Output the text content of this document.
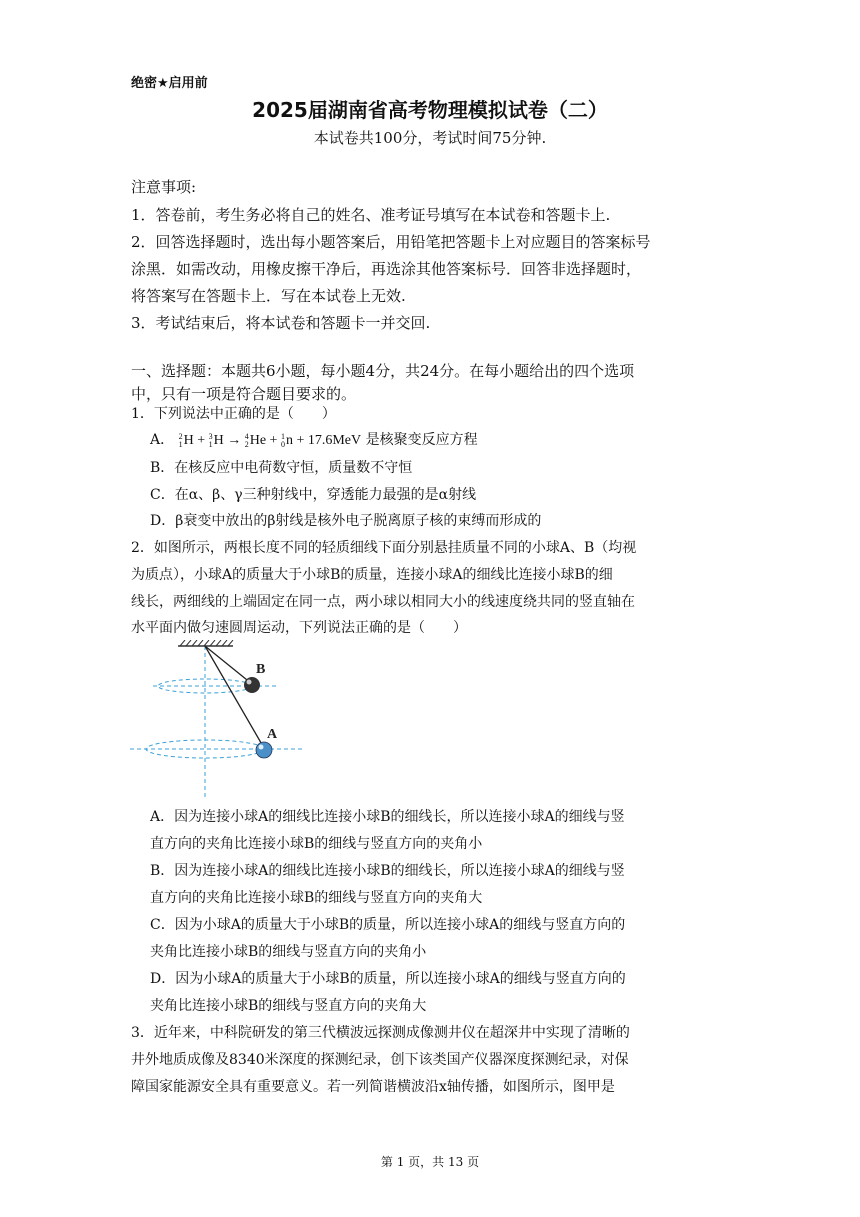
绝密★启用前
2025届湖南省高考物理模拟试卷（二）
本试卷共100分，考试时间75分钟.
注意事项:
1．答卷前，考生务必将自己的姓名、准考证号填写在本试卷和答题卡上.
2．回答选择题时，选出每小题答案后，用铅笔把答题卡上对应题目的答案标号
涂黑．如需改动，用橡皮擦干净后，再选涂其他答案标号．回答非选择题时，
将答案写在答题卡上．写在本试卷上无效.
3．考试结束后，将本试卷和答题卡一并交回.
一、选择题：本题共6小题，每小题4分，共24分。在每小题给出的四个选项
中，只有一项是符合题目要求的。
1．下列说法中正确的是（　　）
A． 2
1 H + 3
1 H → 4
2 He + 1
0 n + 17.6MeV 是核聚变反应方程
B．在核反应中电荷数守恒，质量数不守恒
C．在α、β、γ三种射线中，穿透能力最强的是α射线
D．β衰变中放出的β射线是核外电子脱离原子核的束缚而形成的
2．如图所示，两根长度不同的轻质细线下面分别悬挂质量不同的小球A、B（均视
为质点），小球A的质量大于小球B的质量，连接小球A的细线比连接小球B的细
线长，两细线的上端固定在同一点，两小球以相同大小的线速度绕共同的竖直轴在
水平面内做匀速圆周运动，下列说法正确的是（　　）
B
A
A．因为连接小球A的细线比连接小球B的细线长，所以连接小球A的细线与竖
直方向的夹角比连接小球B的细线与竖直方向的夹角小
B．因为连接小球A的细线比连接小球B的细线长，所以连接小球A的细线与竖
直方向的夹角比连接小球B的细线与竖直方向的夹角大
C．因为小球A的质量大于小球B的质量，所以连接小球A的细线与竖直方向的
夹角比连接小球B的细线与竖直方向的夹角小
D．因为小球A的质量大于小球B的质量，所以连接小球A的细线与竖直方向的
夹角比连接小球B的细线与竖直方向的夹角大
3．近年来，中科院研发的第三代横波远探测成像测井仪在超深井中实现了清晰的
井外地质成像及8340米深度的探测纪录，创下该类国产仪器深度探测纪录，对保
障国家能源安全具有重要意义。若一列简谐横波沿x轴传播，如图所示，图甲是
第 1 页，共 13 页
